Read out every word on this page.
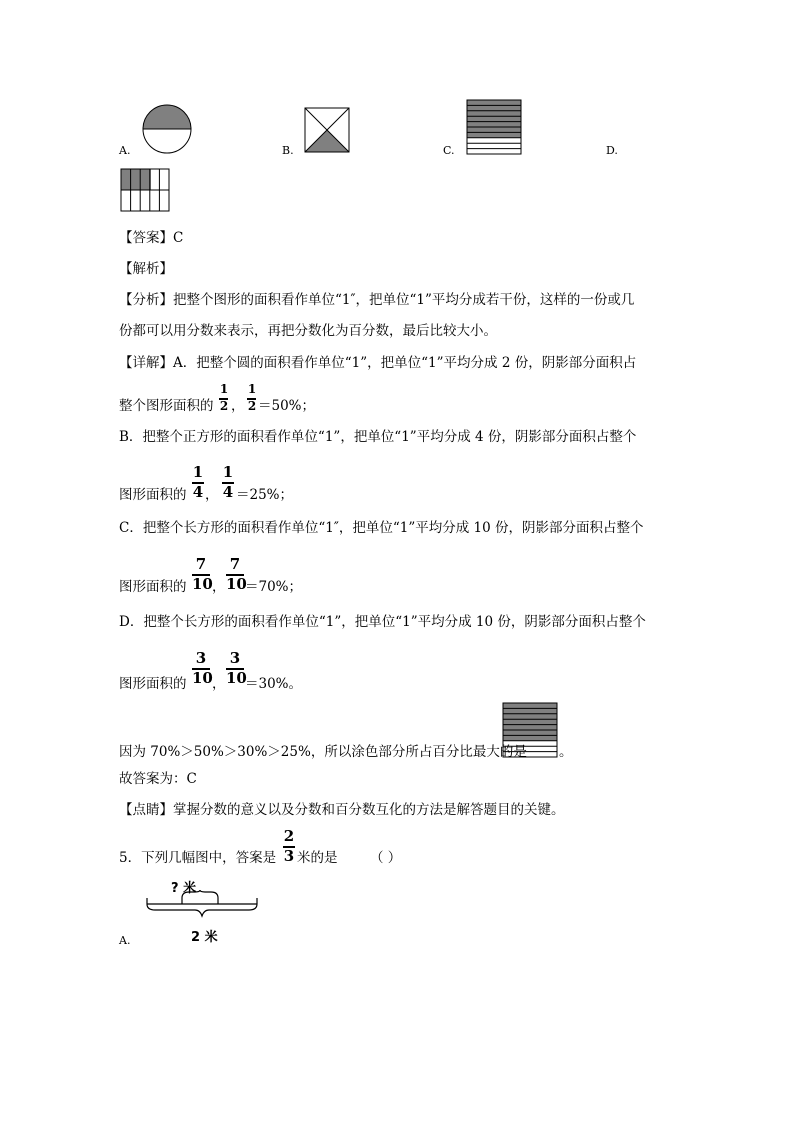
A.	B.	C.	D.
【答案】C
【解析】
【分析】把整个图形的面积看作单位“1″，把单位“1”平均分成若干份，这样的一份或几
份都可以用分数来表示，再把分数化为百分数，最后比较大小。
【详解】A．把整个圆的面积看作单位“1”，把单位“1”平均分成 2 份，阴影部分面积占
整个图形面积的
1
2 ，
1
2 ＝50%；
B．把整个正方形的面积看作单位“1”，把单位“1”平均分成 4 份，阴影部分面积占整个
图形面积的
1
4 ，
1
4 ＝25%；
C．把整个长方形的面积看作单位“1″，把单位“1”平均分成 10 份，阴影部分面积占整个
图形面积的
7
10 ，
7
10
＝70%；
D．把整个长方形的面积看作单位“1”，把单位“1”平均分成 10 份，阴影部分面积占整个
图形面积的
3
10 ，
3
10
＝30%。
因为 70%＞50%＞30%＞25%，所以涂色部分所占百分比最大的是 。
故答案为：C
【点睛】掌握分数的意义以及分数和百分数互化的方法是解答题目的关键。
5．下列几幅图中，答案是
2
3 米的是 （ ）
? 米
A.	2 米
